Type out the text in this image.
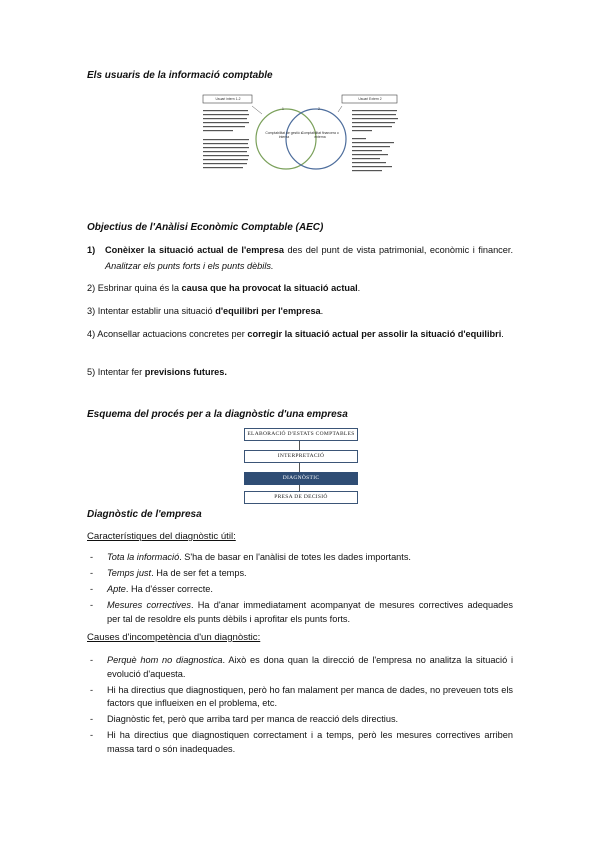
Els usuaris de la informació comptable
Usuari intern 1-2	Usuari Extern 2
Comptabilitat de gestió o interna
Comptabilitat financera o externa
1	2
Objectius de l'Anàlisi Econòmic Comptable (AEC)
1)	Conèixer la situació actual de l'empresa des del punt de vista patrimonial, econòmic i financer. Analitzar els punts forts i els punts dèbils.
2) Esbrinar quina és la causa que ha provocat la situació actual.
3) Intentar establir una situació d'equilibri per l'empresa.
4) Aconsellar actuacions concretes per corregir la situació actual per assolir la situació d'equilibri.
5) Intentar fer previsions futures.
Esquema del procés per a la diagnòstic d'una empresa
ELABORACIÓ D'ESTATS COMPTABLES
INTERPRETACIÓ
DIAGNÒSTIC
PRESA DE DECISIÓ
Diagnòstic de l'empresa
Característiques del diagnòstic útil:
- Tota la informació. S'ha de basar en l'anàlisi de totes les dades importants.
- Temps just. Ha de ser fet a temps.
- Apte. Ha d'ésser correcte.
- Mesures correctives. Ha d'anar immediatament acompanyat de mesures correctives adequades per tal de resoldre els punts dèbils i aprofitar els punts forts.
Causes d'incompetència d'un diagnòstic:
- Perquè hom no diagnostica. Això es dona quan la direcció de l'empresa no analitza la situació i evolució d'aquesta.
- Hi ha directius que diagnostiquen, però ho fan malament per manca de dades, no preveuen tots els factors que influeixen en el problema, etc.
- Diagnòstic fet, però que arriba tard per manca de reacció dels directius.
- Hi ha directius que diagnostiquen correctament i a temps, però les mesures correctives arriben massa tard o són inadequades.
